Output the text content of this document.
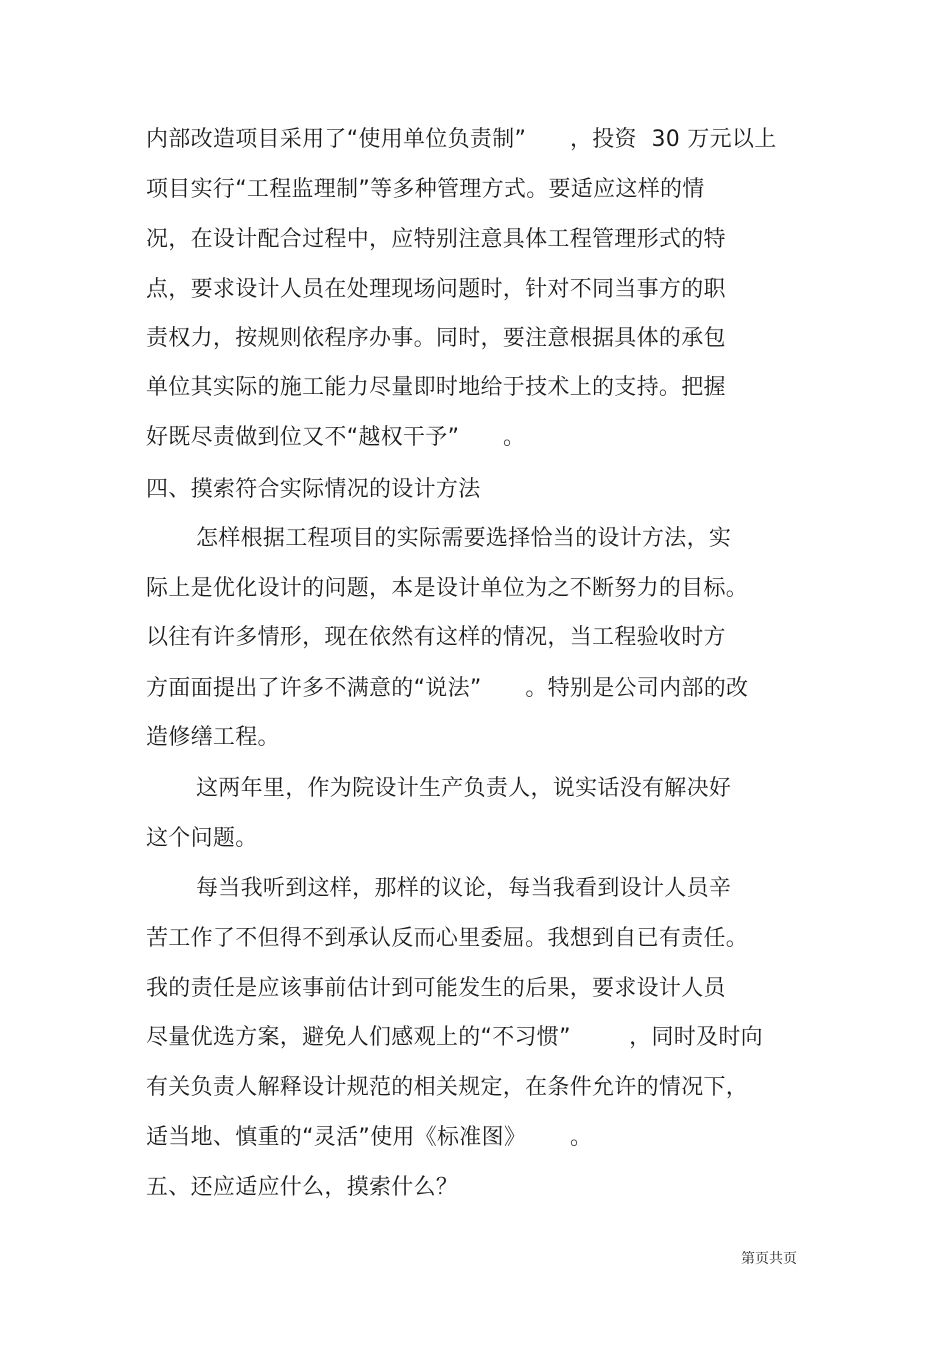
内部改造项目采用了“使用单位负责制”      ，投资  30 万元以上
项目实行“工程监理制”等多种管理方式。要适应这样的情
况，在设计配合过程中，应特别注意具体工程管理形式的特
点，要求设计人员在处理现场问题时，针对不同当事方的职
责权力，按规则依程序办事。同时，要注意根据具体的承包
单位其实际的施工能力尽量即时地给于技术上的支持。把握
好既尽责做到位又不“越权干予”      。
四、摸索符合实际情况的设计方法
怎样根据工程项目的实际需要选择恰当的设计方法，实
际上是优化设计的问题，本是设计单位为之不断努力的目标。
以往有许多情形，现在依然有这样的情况，当工程验收时方
方面面提出了许多不满意的“说法”      。特别是公司内部的改
造修缮工程。
这两年里，作为院设计生产负责人，说实话没有解决好
这个问题。
每当我听到这样，那样的议论，每当我看到设计人员辛
苦工作了不但得不到承认反而心里委屈。我想到自已有责任。
我的责任是应该事前估计到可能发生的后果，要求设计人员
尽量优选方案，避免人们感观上的“不习惯”        ，同时及时向
有关负责人解释设计规范的相关规定，在条件允许的情况下，
适当地、慎重的“灵活”使用《标准图》      。
五、还应适应什么，摸索什么？
第页共页
